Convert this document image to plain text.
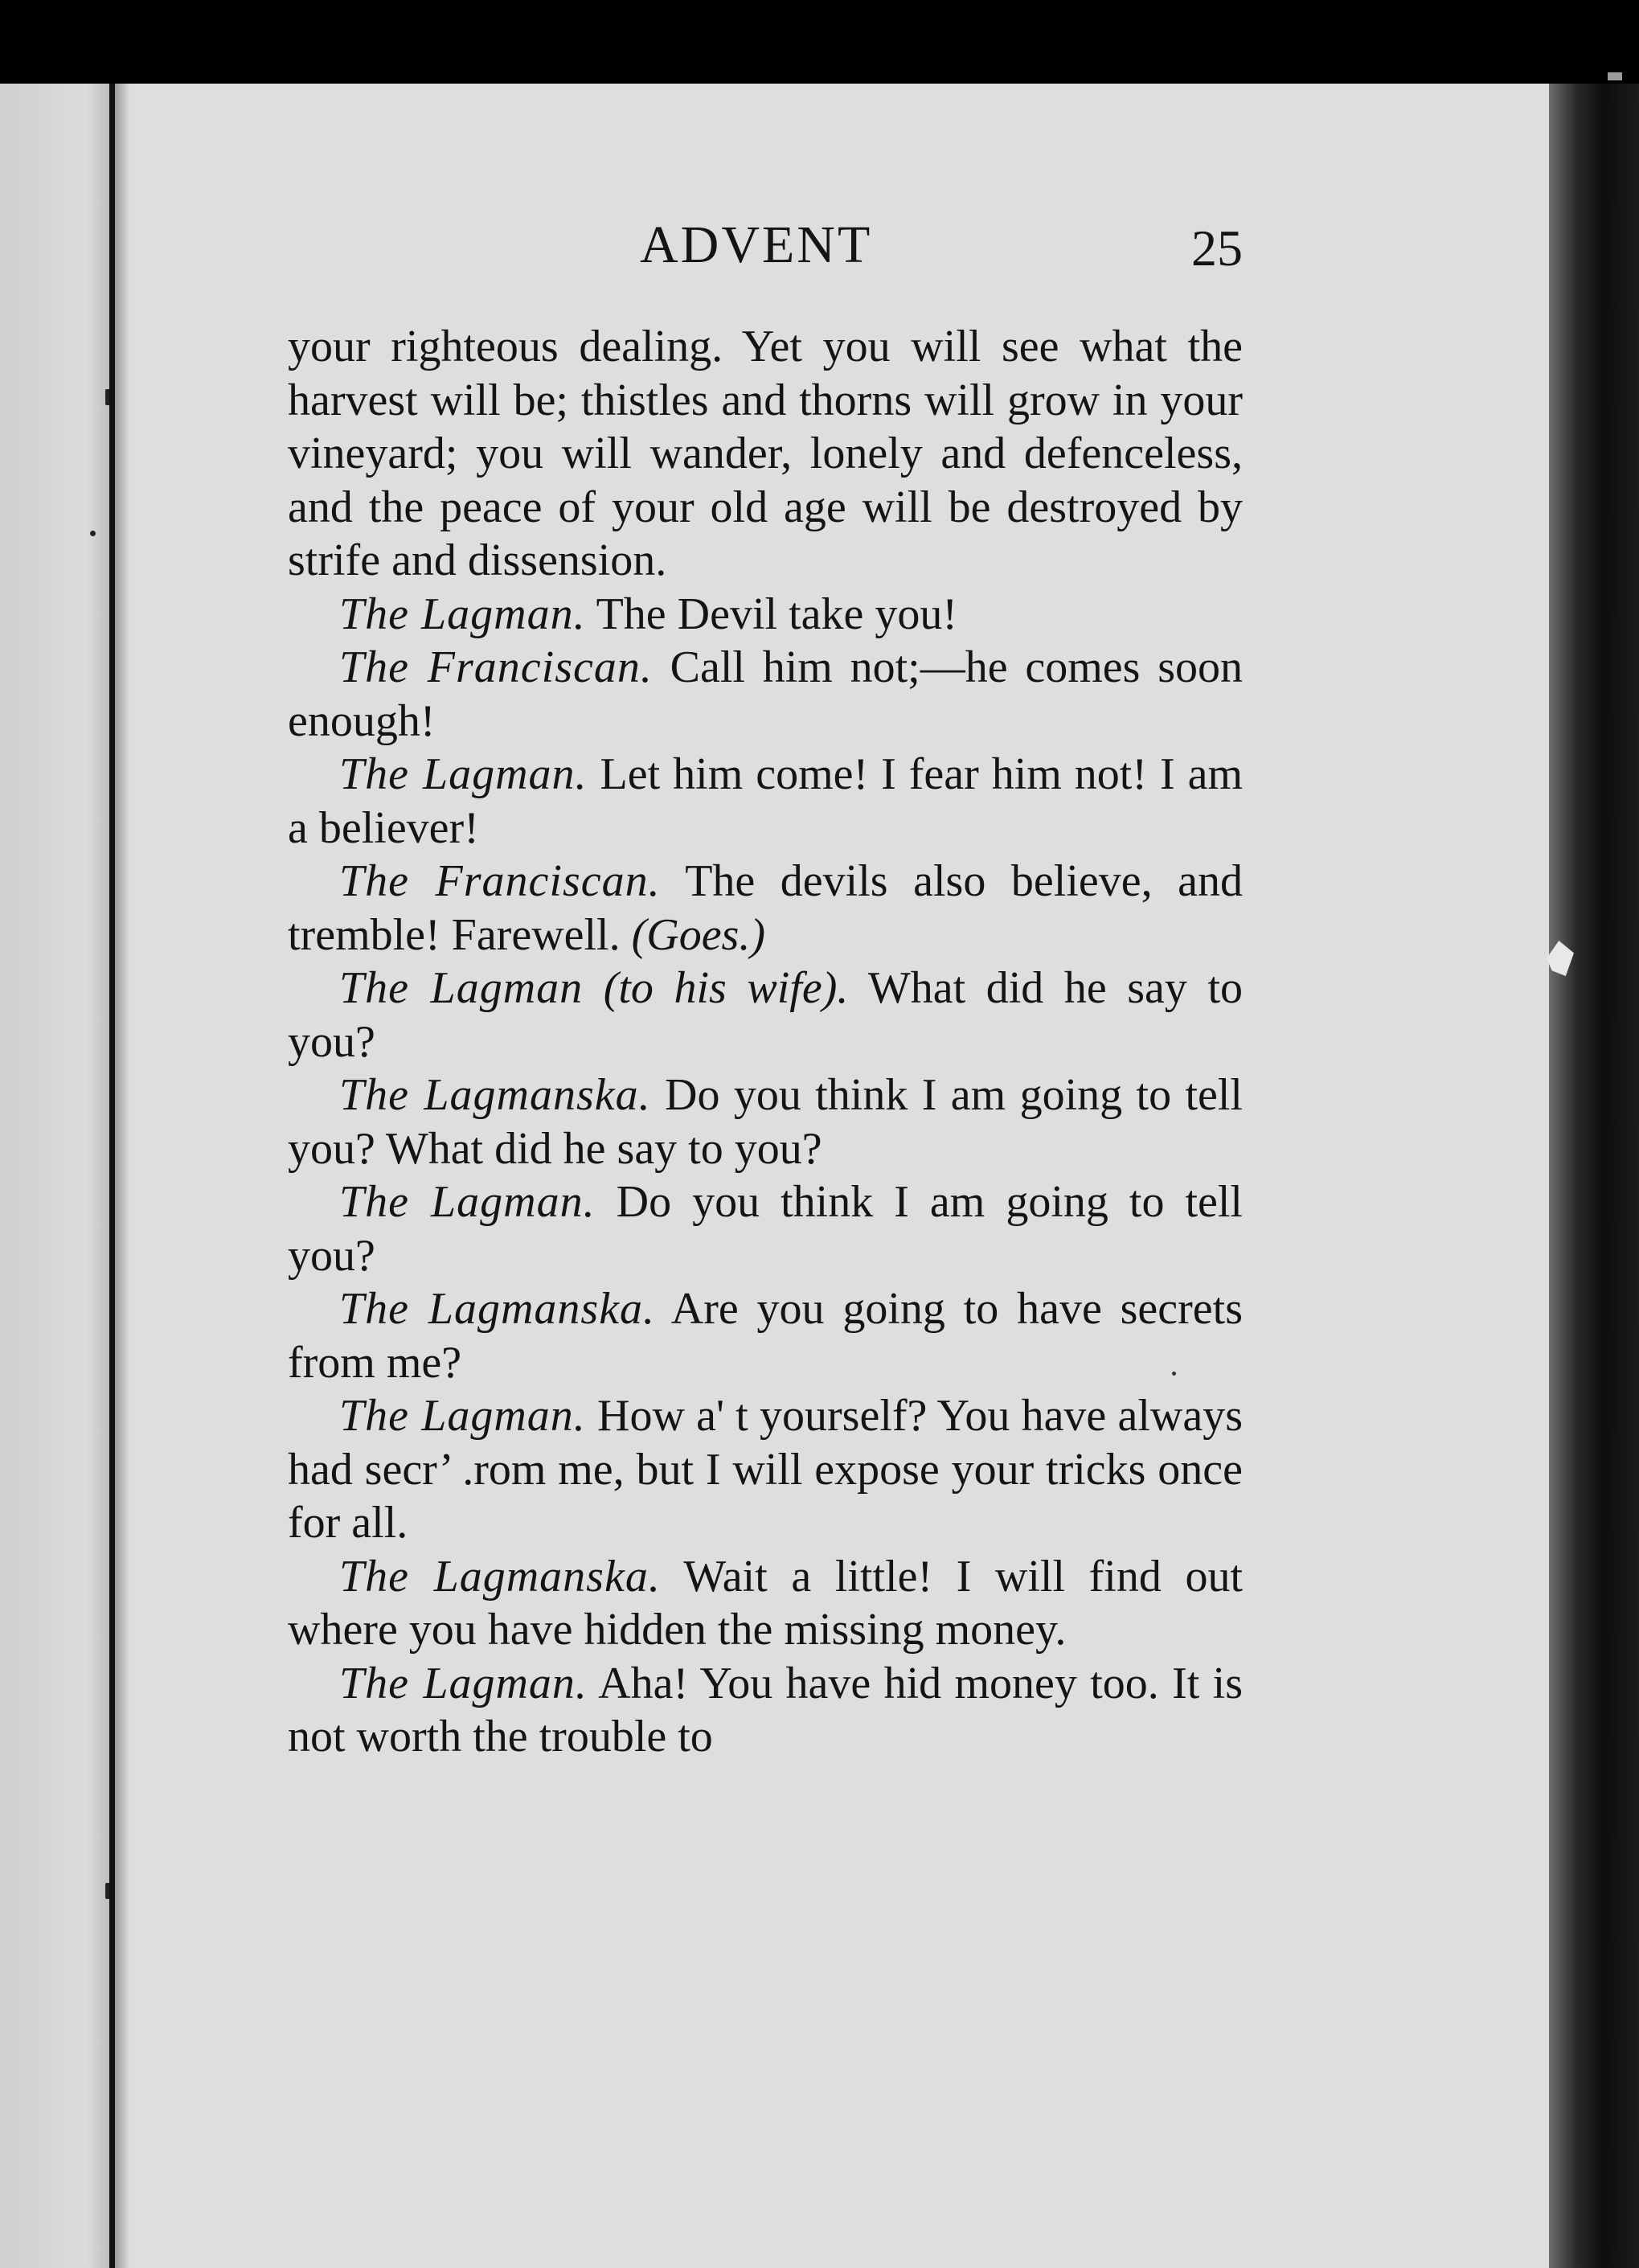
ADVENT	25

your righteous dealing. Yet you will see what the harvest will be; thistles and thorns will grow in your vineyard; you will wander, lonely and defenceless, and the peace of your old age will be destroyed by strife and dissension.

The Lagman. The Devil take you!

The Franciscan. Call him not;—he comes soon enough!

The Lagman. Let him come! I fear him not! I am a believer!

The Franciscan. The devils also believe, and tremble! Farewell. (Goes.)

The Lagman (to his wife). What did he say to you?

The Lagmanska. Do you think I am going to tell you? What did he say to you?

The Lagman. Do you think I am going to tell you?

The Lagmanska. Are you going to have secrets from me?

The Lagman. How a' t yourself? You have always had secr’ .rom me, but I will expose your tricks once for all.

The Lagmanska. Wait a little! I will find out where you have hidden the missing money.

The Lagman. Aha! You have hid money too. It is not worth the trouble to
